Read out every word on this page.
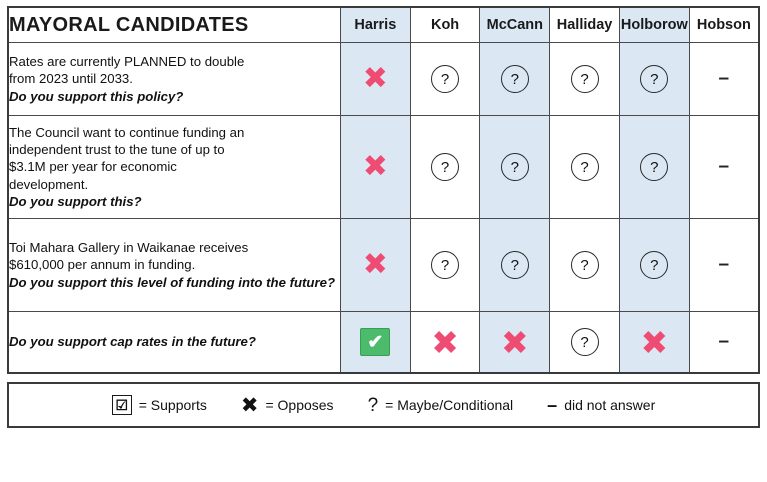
MAYORAL CANDIDATES	Harris	Koh	McCann	Halliday	Holborow	Hobson

Rates are currently PLANNED to double
from 2023 until 2033.
Do you support this policy?	✖	?	?	?	?	–

The Council want to continue funding an
independent trust to the tune of up to
$3.1M per year for economic
development.
Do you support this?	✖	?	?	?	?	–

Toi Mahara Gallery in Waikanae receives
$610,000 per annum in funding.
Do you support this level of funding into the future?	✖	?	?	?	?	–
Do you support cap rates in the future?	✔	✖	✖	?	✖	–
☑ = Supports ✖ = Opposes ? = Maybe/Conditional – did not answer
